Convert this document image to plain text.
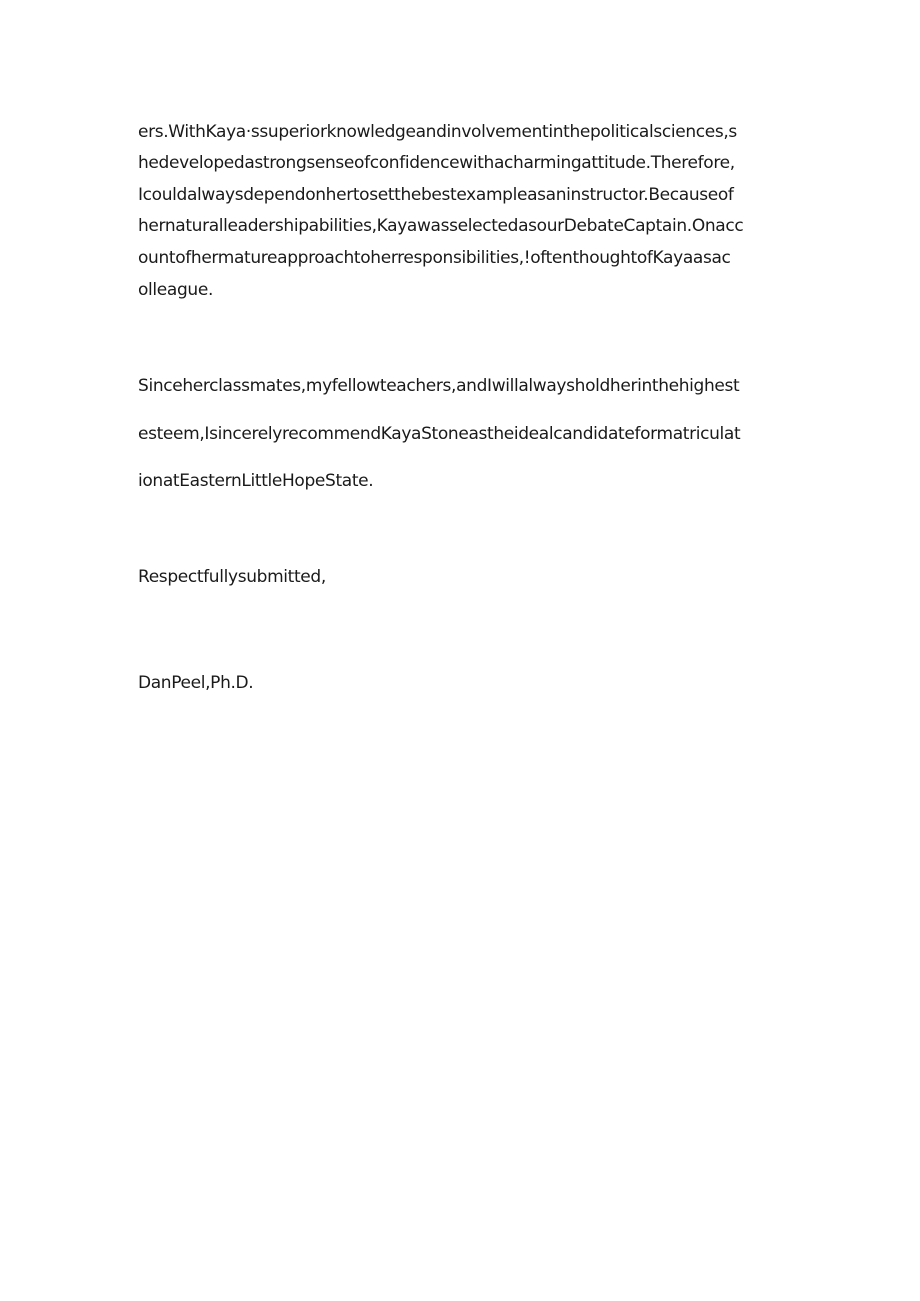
ers.WithKaya·ssuperiorknowledgeandinvolvementinthepoliticalsciences,s

hedevelopedastrongsenseofconfidencewithacharmingattitude.Therefore,

Icouldalwaysdependonhertosetthebestexampleasaninstructor.Becauseof

hernaturalleadershipabilities,KayawasselectedasourDebateCaptain.Onacc

ountofhermatureapproachtoherresponsibilities,!oftenthoughtofKayaasac

olleague.

Sinceherclassmates,myfellowteachers,andIwillalwaysholdherinthehighest

esteem,IsincerelyrecommendKayaStoneastheidealcandidateformatriculat

ionatEasternLittleHopeState.

Respectfullysubmitted,

DanPeel,Ph.D.
